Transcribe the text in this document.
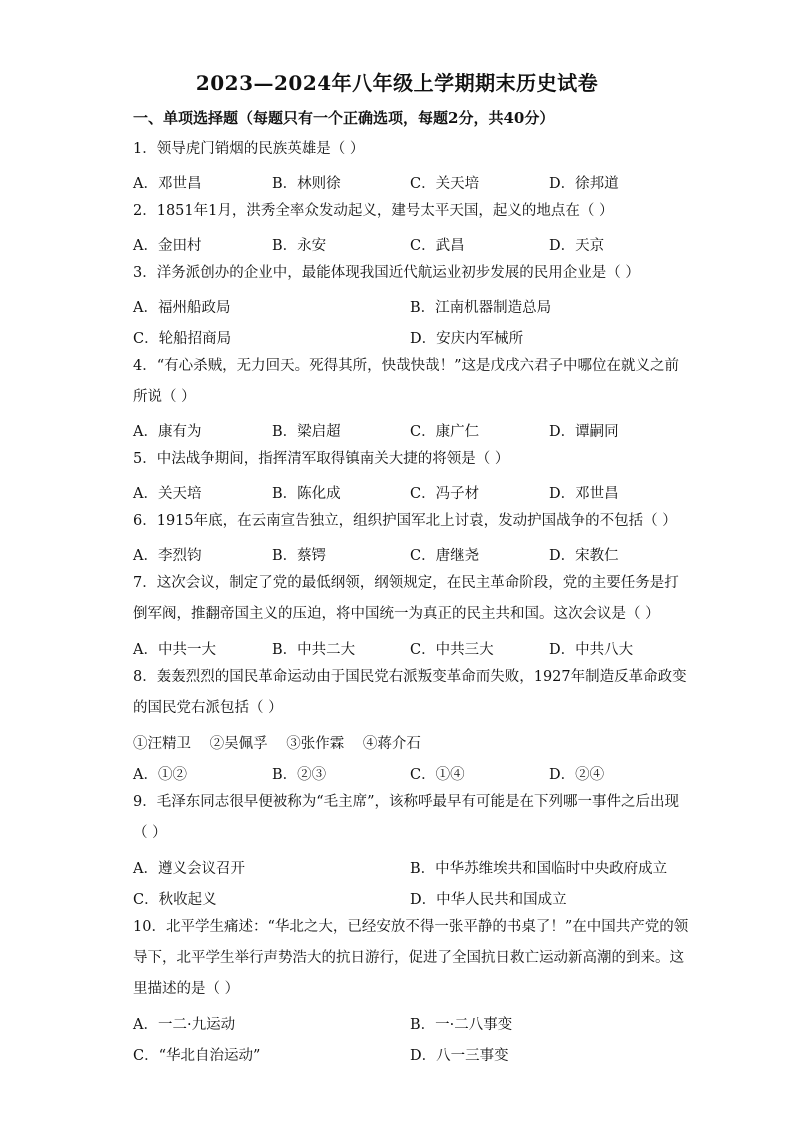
2023—2024年八年级上学期期末历史试卷
一、单项选择题（每题只有一个正确选项，每题2分，共40分）
1．领导虎门销烟的民族英雄是（ ）
A．邓世昌	B．林则徐	C．关天培	D．徐邦道
2．1851年1月，洪秀全率众发动起义，建号太平天国，起义的地点在（ ）
A．金田村	B．永安	C．武昌	D．天京
3．洋务派创办的企业中，最能体现我国近代航运业初步发展的民用企业是（ ）
A．福州船政局	B．江南机器制造总局
C．轮船招商局	D．安庆内军械所
4．“有心杀贼，无力回天。死得其所，快哉快哉！”这是戊戌六君子中哪位在就义之前
所说（ ）
A．康有为	B．梁启超	C．康广仁	D．谭嗣同
5．中法战争期间，指挥清军取得镇南关大捷的将领是（ ）
A．关天培	B．陈化成	C．冯子材	D．邓世昌
6．1915年底，在云南宣告独立，组织护国军北上讨袁，发动护国战争的不包括（ ）
A．李烈钧	B．蔡锷	C．唐继尧	D．宋教仁
7．这次会议，制定了党的最低纲领，纲领规定，在民主革命阶段，党的主要任务是打
倒军阀，推翻帝国主义的压迫，将中国统一为真正的民主共和国。这次会议是（ ）
A．中共一大	B．中共二大	C．中共三大	D．中共八大
8．轰轰烈烈的国民革命运动由于国民党右派叛变革命而失败，1927年制造反革命政变
的国民党右派包括（ ）
①汪精卫 ②吴佩孚 ③张作霖 ④蒋介石
A．①②	B．②③	C．①④	D．②④
9．毛泽东同志很早便被称为“毛主席”，该称呼最早有可能是在下列哪一事件之后出现
（ ）
A．遵义会议召开	B．中华苏维埃共和国临时中央政府成立
C．秋收起义	D．中华人民共和国成立
10．北平学生痛述：“华北之大，已经安放不得一张平静的书桌了！”在中国共产党的领
导下，北平学生举行声势浩大的抗日游行，促进了全国抗日救亡运动新高潮的到来。这
里描述的是（ ）
A．一二·九运动	B．一·二八事变
C．“华北自治运动”	D．八一三事变
